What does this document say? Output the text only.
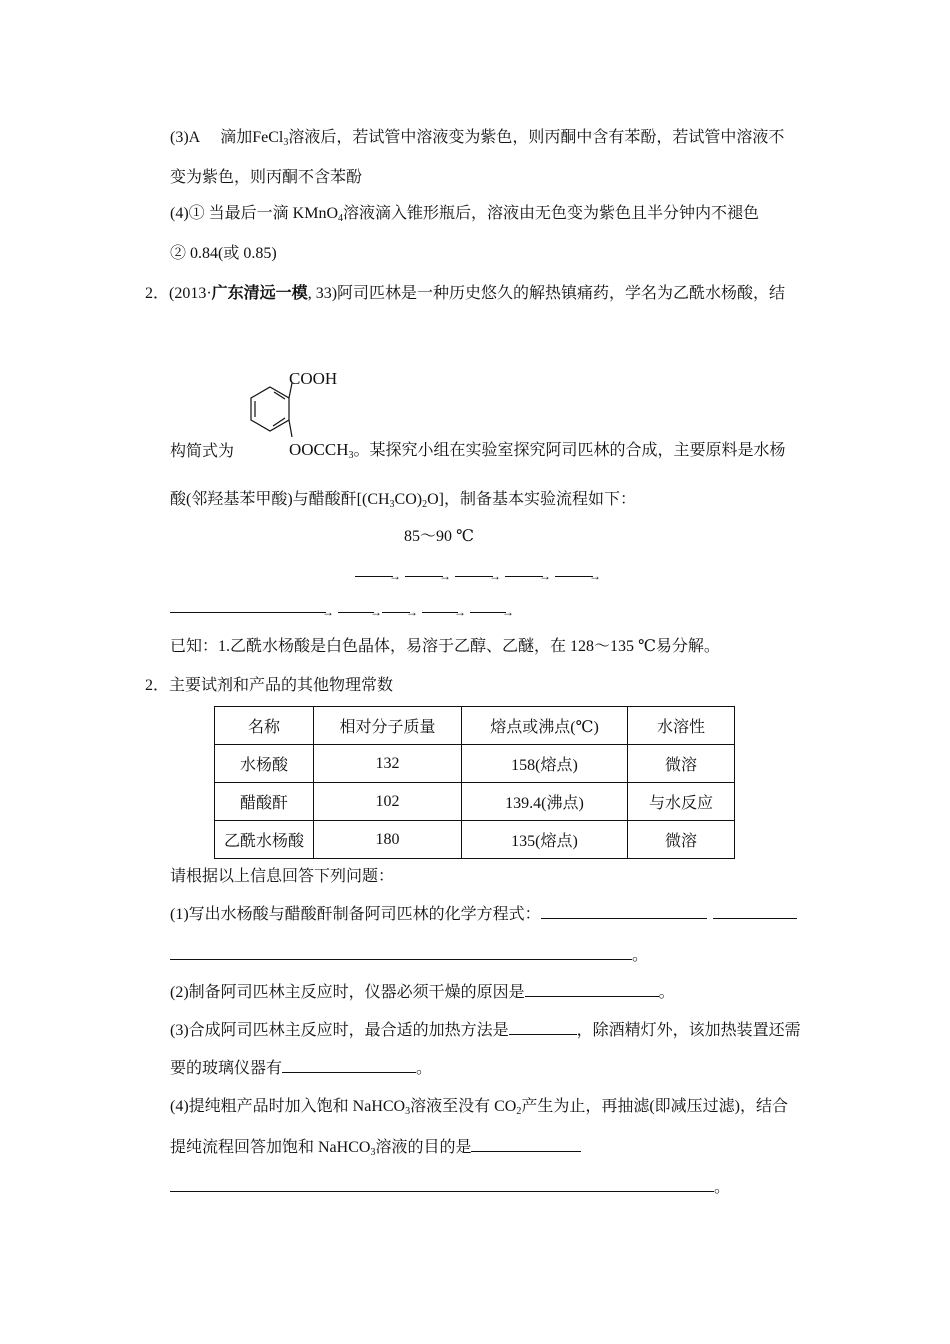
(3)A 滴加FeCl$_3$溶液后，若试管中溶液变为紫色，则丙酮中含有苯酚，若试管中溶液不
变为紫色，则丙酮不含苯酚
(4)① 当最后一滴 KMnO$_4$溶液滴入锥形瓶后，溶液由无色变为紫色且半分钟内不褪色
② 0.84(或 0.85)
2．(2013·广东清远一模, 33)阿司匹林是一种历史悠久的解热镇痛药，学名为乙酰水杨酸，结
COOH
构简式为	$OOCCH_3$。某探究小组在实验室探究阿司匹林的合成，主要原料是水杨
酸(邻羟基苯甲酸)与醋酸酐$[(CH_3CO)_2O]$，制备基本实验流程如下：
85～90 ℃
→
	→
	→
	→
	→
→
	→ →
	→
	→
已知：1.乙酰水杨酸是白色晶体，易溶于乙醇、乙醚，在 128～135 ℃易分解。
2．主要试剂和产品的其他物理常数
名称	相对分子质量	熔点或沸点(℃)	水溶性
水杨酸	132	158(熔点)	微溶
醋酸酐	102	139.4(沸点)	与水反应
乙酰水杨酸	180	135(熔点)	微溶
请根据以上信息回答下列问题：
(1)写出水杨酸与醋酸酐制备阿司匹林的化学方程式：
。
(2)制备阿司匹林主反应时，仪器必须干燥的原因是	。
(3)合成阿司匹林主反应时，最合适的加热方法是	，除酒精灯外，该加热装置还需
要的玻璃仪器有	。
(4)提纯粗产品时加入饱和 NaHCO$_3$溶液至没有 $CO_2$产生为止，再抽滤(即减压过滤)，结合
提纯流程回答加饱和 NaHCO$_3$溶液的目的是
。
